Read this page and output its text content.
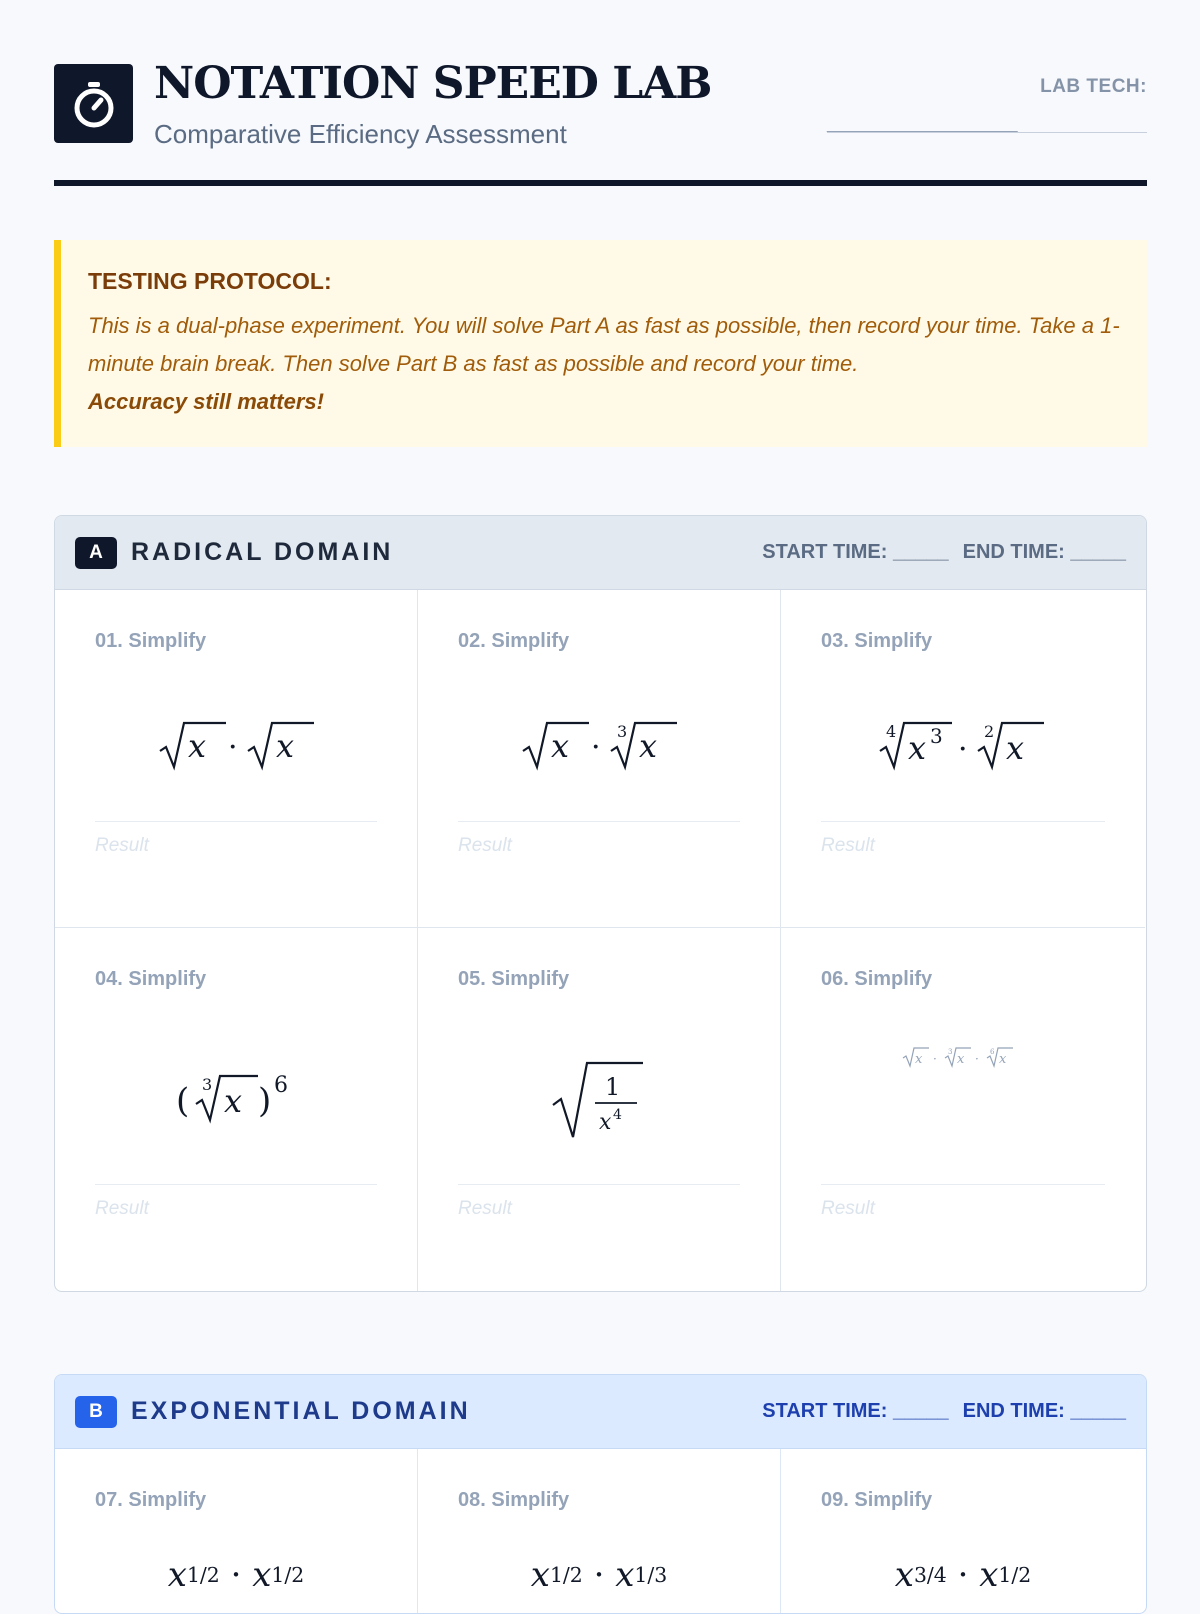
NOTATION SPEED LAB
Comparative Efficiency Assessment
LAB TECH:
________________________
TESTING PROTOCOL:
This is a dual-phase experiment. You will solve Part A as fast as possible, then record your time. Take a 1-minute brain break. Then solve Part B as fast as possible and record your time.
Accuracy still matters!
A	RADICAL DOMAIN	START TIME: _____ END TIME: _____
01. Simplify
x · x
Result
02. Simplify
x · 3 x
Result
03. Simplify
4 x 3 ·
2 x
Result
04. Simplify
( 3 x ) 6
Result
05. Simplify
1
x 4
Result
06. Simplify
x · 3 x · 6 x
Result
B	EXPONENTIAL DOMAIN	START TIME: _____ END TIME: _____
07. Simplify
x 1/2
·
x 1/2
08. Simplify
x 1/2
·
x 1/3
09. Simplify
x 3/4
·
x 1/2
